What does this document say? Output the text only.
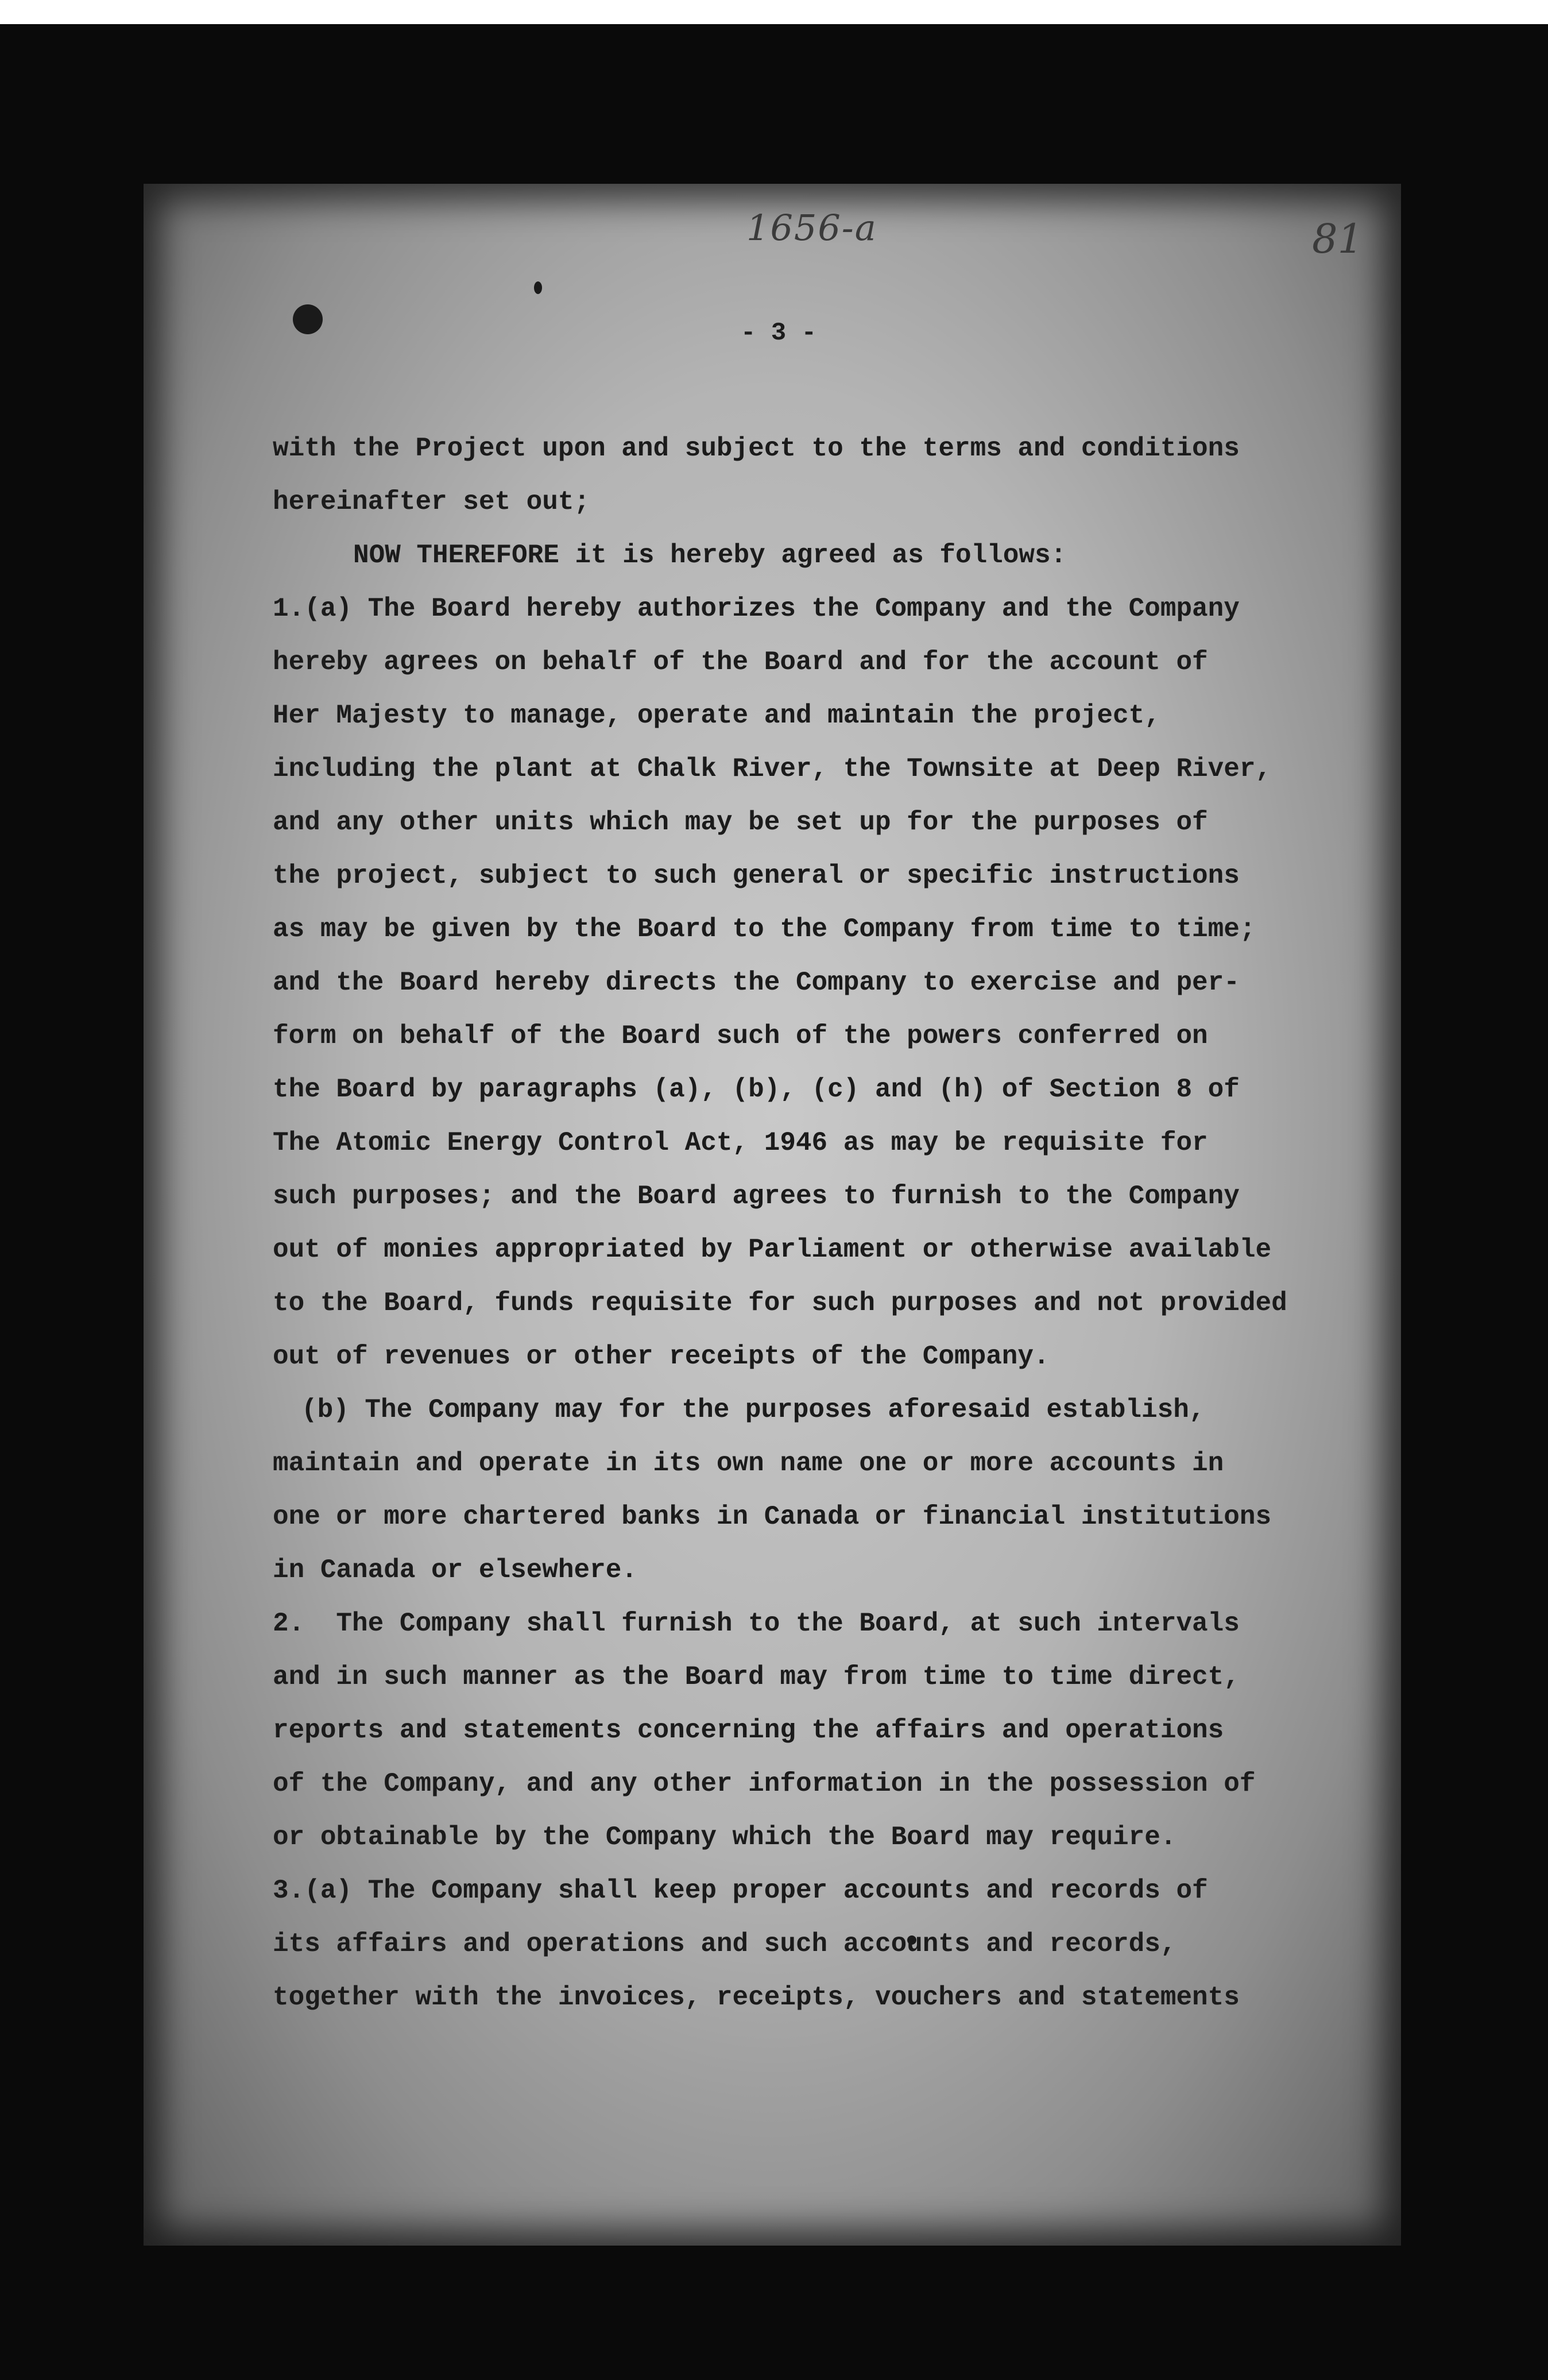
1656-a	81
- 3 -
with the Project upon and subject to the terms and conditions
hereinafter set out;
NOW THEREFORE it is hereby agreed as follows:
1.(a) The Board hereby authorizes the Company and the Company
hereby agrees on behalf of the Board and for the account of
Her Majesty to manage, operate and maintain the project,
including the plant at Chalk River, the Townsite at Deep River,
and any other units which may be set up for the purposes of
the project, subject to such general or specific instructions
as may be given by the Board to the Company from time to time;
and the Board hereby directs the Company to exercise and per-
form on behalf of the Board such of the powers conferred on
the Board by paragraphs (a), (b), (c) and (h) of Section 8 of
The Atomic Energy Control Act, 1946 as may be requisite for
such purposes; and the Board agrees to furnish to the Company
out of monies appropriated by Parliament or otherwise available
to the Board, funds requisite for such purposes and not provided
out of revenues or other receipts of the Company.
(b) The Company may for the purposes aforesaid establish,
maintain and operate in its own name one or more accounts in
one or more chartered banks in Canada or financial institutions
in Canada or elsewhere.
2.  The Company shall furnish to the Board, at such intervals
and in such manner as the Board may from time to time direct,
reports and statements concerning the affairs and operations
of the Company, and any other information in the possession of
or obtainable by the Company which the Board may require.
3.(a) The Company shall keep proper accounts and records of
its affairs and operations and such accounts and records,
together with the invoices, receipts, vouchers and statements
